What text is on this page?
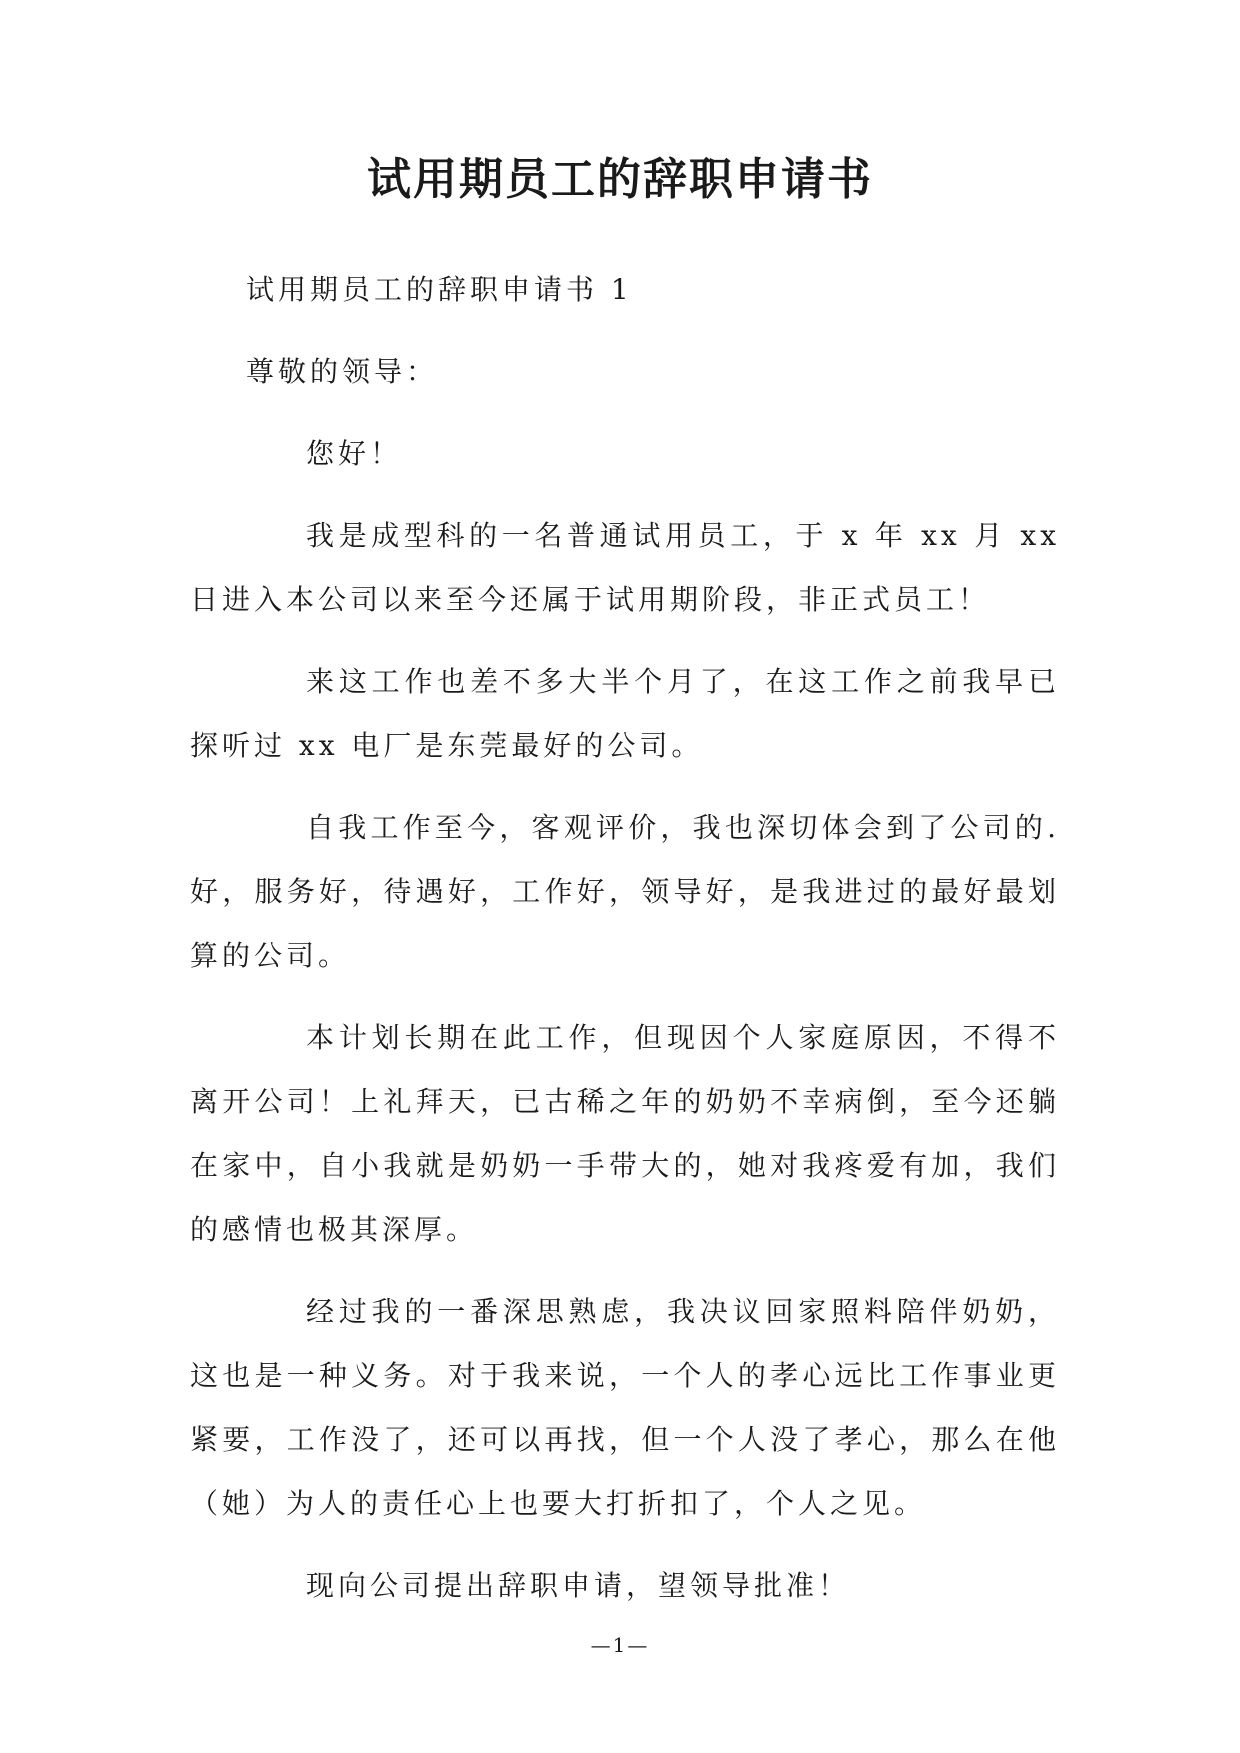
试用期员工的辞职申请书

试用期员工的辞职申请书 1

尊敬的领导：

您好！

我是成型科的一名普通试用员工，于 x 年 xx 月 xx 日进入本公司以来至今还属于试用期阶段，非正式员工！

来这工作也差不多大半个月了，在这工作之前我早已探听过 xx 电厂是东莞最好的公司。

自我工作至今，客观评价，我也深切体会到了公司的.好，服务好，待遇好，工作好，领导好，是我进过的最好最划算的公司。

本计划长期在此工作，但现因个人家庭原因，不得不离开公司！上礼拜天，已古稀之年的奶奶不幸病倒，至今还躺在家中，自小我就是奶奶一手带大的，她对我疼爱有加，我们的感情也极其深厚。

经过我的一番深思熟虑，我决议回家照料陪伴奶奶，这也是一种义务。对于我来说，一个人的孝心远比工作事业更紧要，工作没了，还可以再找，但一个人没了孝心，那么在他（她）为人的责任心上也要大打折扣了，个人之见。

现向公司提出辞职申请，望领导批准！

—1—
